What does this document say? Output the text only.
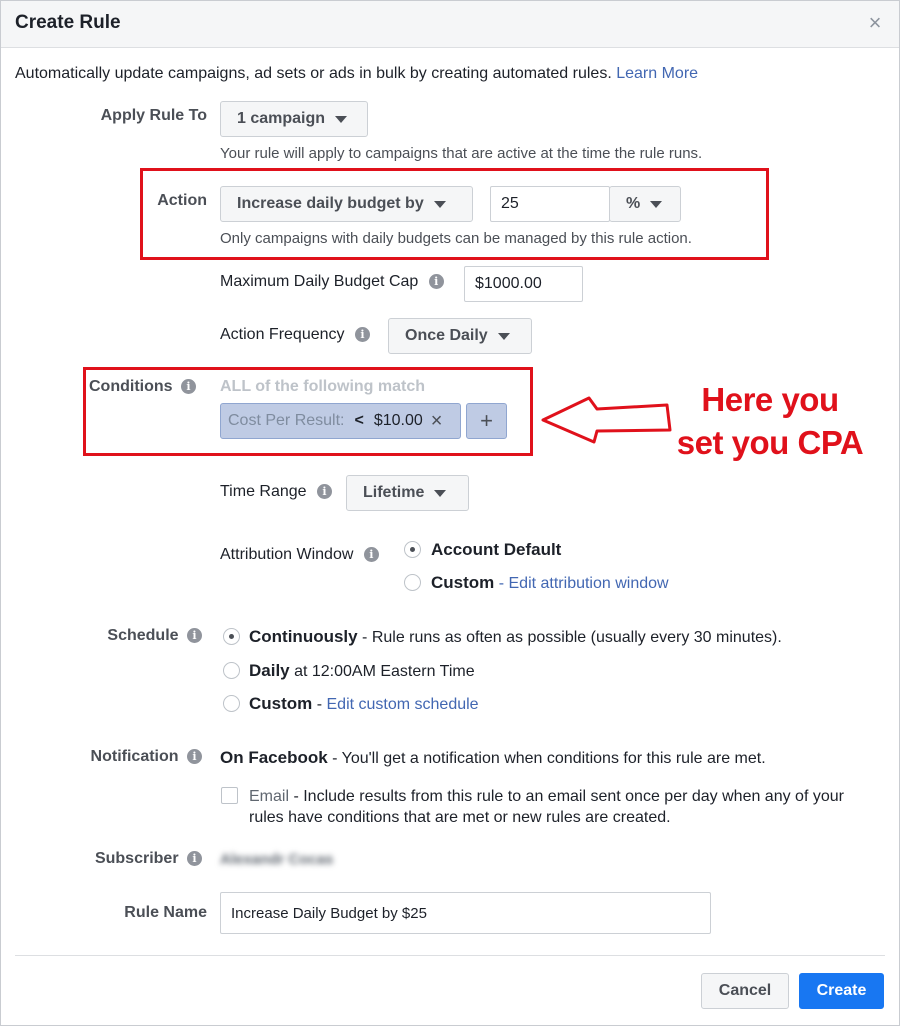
Create Rule	×
Automatically update campaigns, ad sets or ads in bulk by creating automated rules. Learn More
Apply Rule To 1 campaign
Your rule will apply to campaigns that are active at the time the rule runs.
Action Increase daily budget by	25	%
Only campaigns with daily budgets can be managed by this rule action.
Maximum Daily Budget Cap i	$1000.00
Action Frequency i	Once Daily
Conditions i	ALL of the following match
Cost Per Result: < $10.00 × +
Here you
set you CPA
Time Range i	Lifetime
Attribution Window i	Account Default
Custom - Edit attribution window
Schedule i	Continuously - Rule runs as often as possible (usually every 30 minutes).
Daily at 12:00AM Eastern Time
Custom - Edit custom schedule
Notification i	On Facebook - You'll get a notification when conditions for this rule are met.
Email - Include results from this rule to an email sent once per day when any of your
rules have conditions that are met or new rules are created.
Subscriber i	Alexandr Cocas
Rule Name Increase Daily Budget by $25
Cancel	Create
